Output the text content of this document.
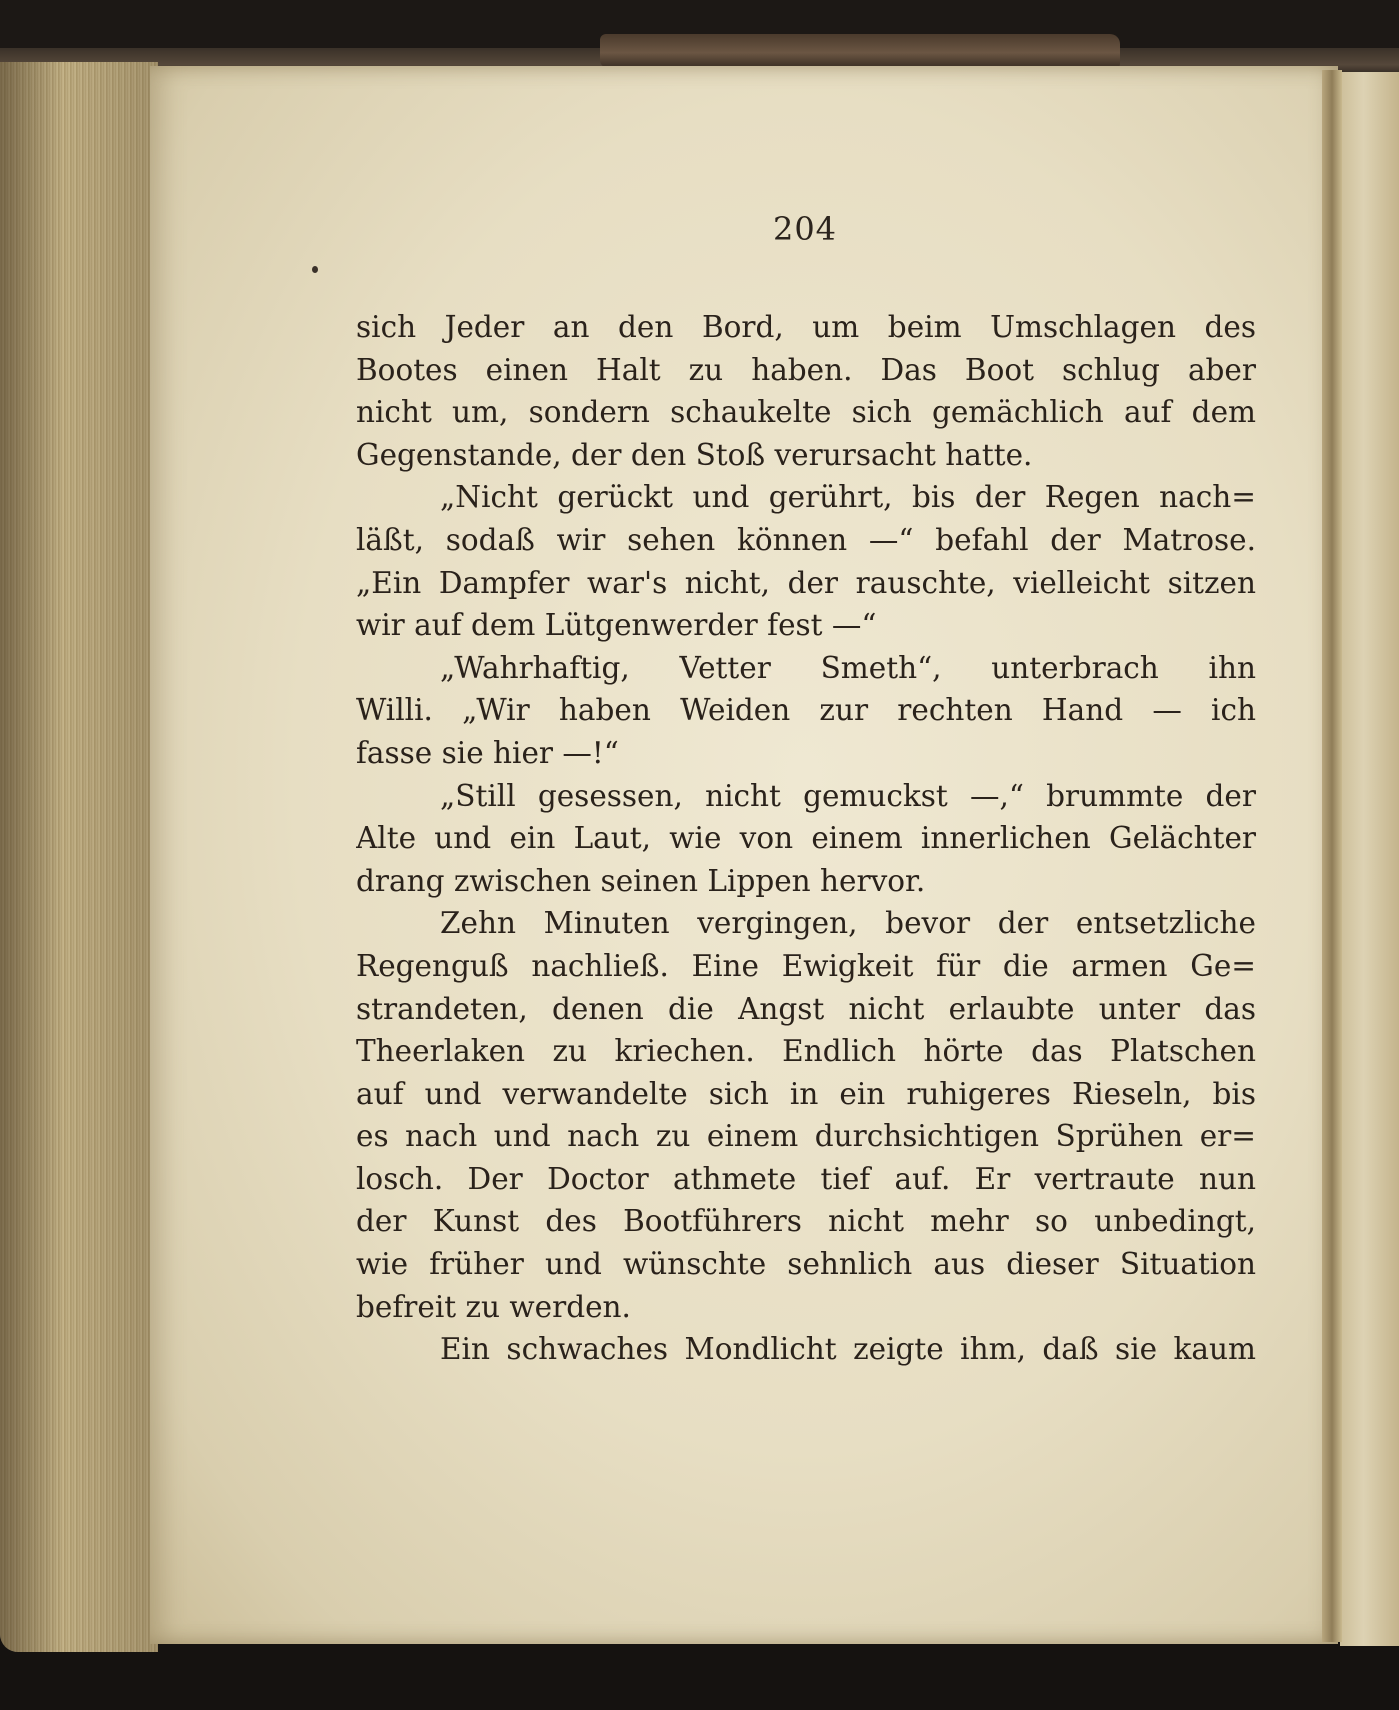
204
sich Jeder an den Bord, um beim Umschlagen des
Bootes einen Halt zu haben. Das Boot schlug aber
nicht um, sondern schaukelte sich gemächlich auf dem
Gegenstande, der den Stoß verursacht hatte.
„Nicht gerückt und gerührt, bis der Regen nach=
läßt, sodaß wir sehen können —“ befahl der Matrose.
„Ein Dampfer war's nicht, der rauschte, vielleicht sitzen
wir auf dem Lütgenwerder fest —“
„Wahrhaftig, Vetter Smeth“, unterbrach ihn
Willi. „Wir haben Weiden zur rechten Hand — ich
fasse sie hier —!“
„Still gesessen, nicht gemuckst —,“ brummte der
Alte und ein Laut, wie von einem innerlichen Gelächter
drang zwischen seinen Lippen hervor.
Zehn Minuten vergingen, bevor der entsetzliche
Regenguß nachließ. Eine Ewigkeit für die armen Ge=
strandeten, denen die Angst nicht erlaubte unter das
Theerlaken zu kriechen. Endlich hörte das Platschen
auf und verwandelte sich in ein ruhigeres Rieseln, bis
es nach und nach zu einem durchsichtigen Sprühen er=
losch. Der Doctor athmete tief auf. Er vertraute nun
der Kunst des Bootführers nicht mehr so unbedingt,
wie früher und wünschte sehnlich aus dieser Situation
befreit zu werden.
Ein schwaches Mondlicht zeigte ihm, daß sie kaum
